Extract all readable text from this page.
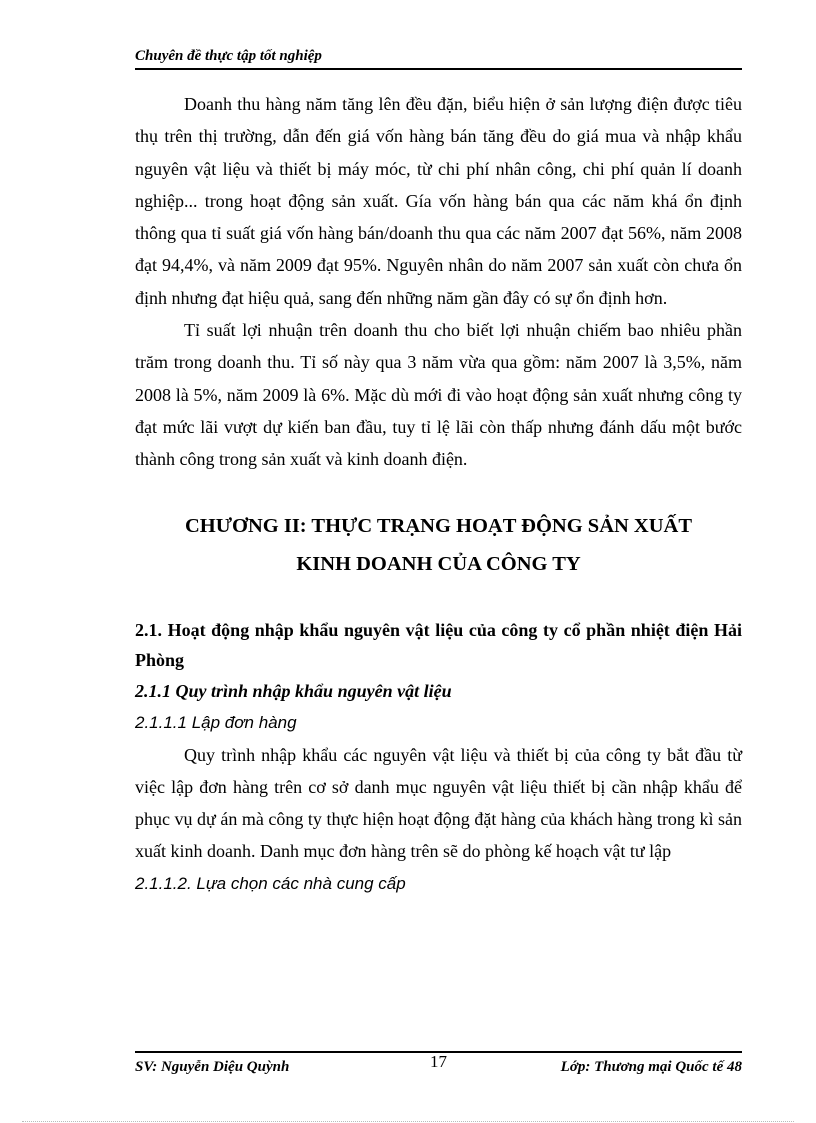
Chuyên đề thực tập tốt nghiệp

Doanh thu hàng năm tăng lên đều đặn, biểu hiện ở sản lượng điện được tiêu thụ trên thị trường, dẫn đến giá vốn hàng bán tăng đều do giá mua và nhập khẩu nguyên vật liệu và thiết bị máy móc, từ chi phí nhân công, chi phí quản lí doanh nghiệp... trong hoạt động sản xuất. Gía vốn hàng bán qua các năm khá ổn định thông qua tỉ suất giá vốn hàng bán/doanh thu qua các năm 2007 đạt 56%, năm 2008 đạt 94,4%, và năm 2009 đạt 95%. Nguyên nhân do năm 2007 sản xuất còn chưa ổn định nhưng đạt hiệu quả, sang đến những năm gần đây có sự ổn định hơn.

Tỉ suất lợi nhuận trên doanh thu cho biết lợi nhuận chiếm bao nhiêu phần trăm trong doanh thu. Tỉ số này qua 3 năm vừa qua gồm: năm 2007 là 3,5%, năm 2008 là 5%, năm 2009 là 6%. Mặc dù mới đi vào hoạt động sản xuất nhưng công ty đạt mức lãi vượt dự kiến ban đầu, tuy tỉ lệ lãi còn thấp nhưng đánh dấu một bước thành công trong sản xuất và kinh doanh điện.

CHƯƠNG II: THỰC TRẠNG HOẠT ĐỘNG SẢN XUẤT

KINH DOANH CỦA CÔNG TY

2.1. Hoạt động nhập khẩu nguyên vật liệu của công ty cổ phần nhiệt điện Hải Phòng

2.1.1 Quy trình nhập khẩu nguyên vật liệu

2.1.1.1 Lập đơn hàng

Quy trình nhập khẩu các nguyên vật liệu và thiết bị của công ty bắt đầu từ việc lập đơn hàng trên cơ sở danh mục nguyên vật liệu thiết bị cần nhập khẩu để phục vụ dự án mà công ty thực hiện hoạt động đặt hàng của khách hàng trong kì sản xuất kinh doanh. Danh mục đơn hàng trên sẽ do phòng kế hoạch vật tư lập

2.1.1.2. Lựa chọn các nhà cung cấp

SV: Nguyễn Diệu Quỳnh	17	Lớp: Thương mại Quốc tế 48
